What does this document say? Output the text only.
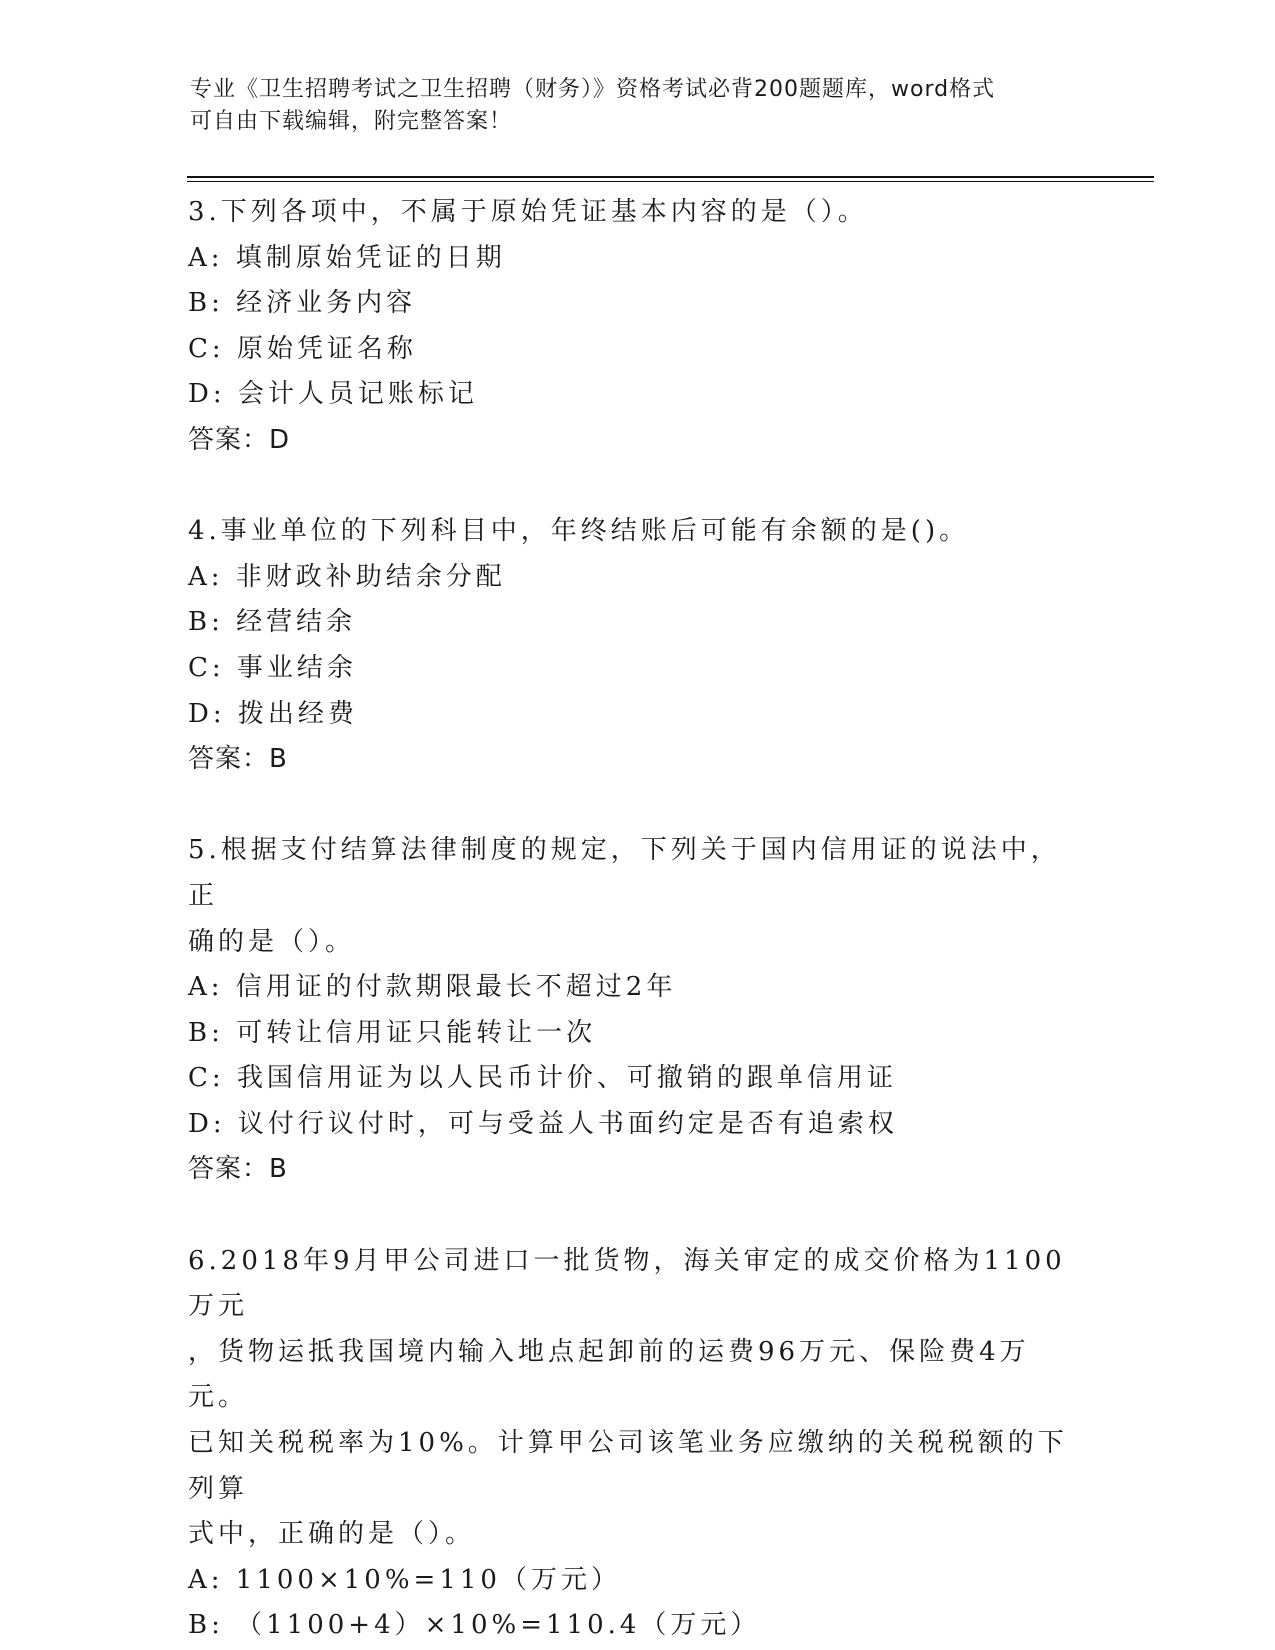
专业《卫生招聘考试之卫生招聘（财务）》资格考试必背200题题库，word格式
可自由下载编辑，附完整答案！
3.下列各项中，不属于原始凭证基本内容的是（）。
A: 填制原始凭证的日期
B: 经济业务内容
C: 原始凭证名称
D: 会计人员记账标记
答案：D
4.事业单位的下列科目中，年终结账后可能有余额的是()。
A: 非财政补助结余分配
B: 经营结余
C: 事业结余
D: 拨出经费
答案：B
5.根据支付结算法律制度的规定，下列关于国内信用证的说法中，正
确的是（）。
A: 信用证的付款期限最长不超过2年
B: 可转让信用证只能转让一次
C: 我国信用证为以人民币计价、可撤销的跟单信用证
D: 议付行议付时，可与受益人书面约定是否有追索权
答案：B
6.2018年9月甲公司进口一批货物，海关审定的成交价格为1100万元
，货物运抵我国境内输入地点起卸前的运费96万元、保险费4万元。
已知关税税率为10%。计算甲公司该笔业务应缴纳的关税税额的下列算
式中，正确的是（）。
A: 1100×10%=110（万元）
B: （1100+4）×10%=110.4（万元）
